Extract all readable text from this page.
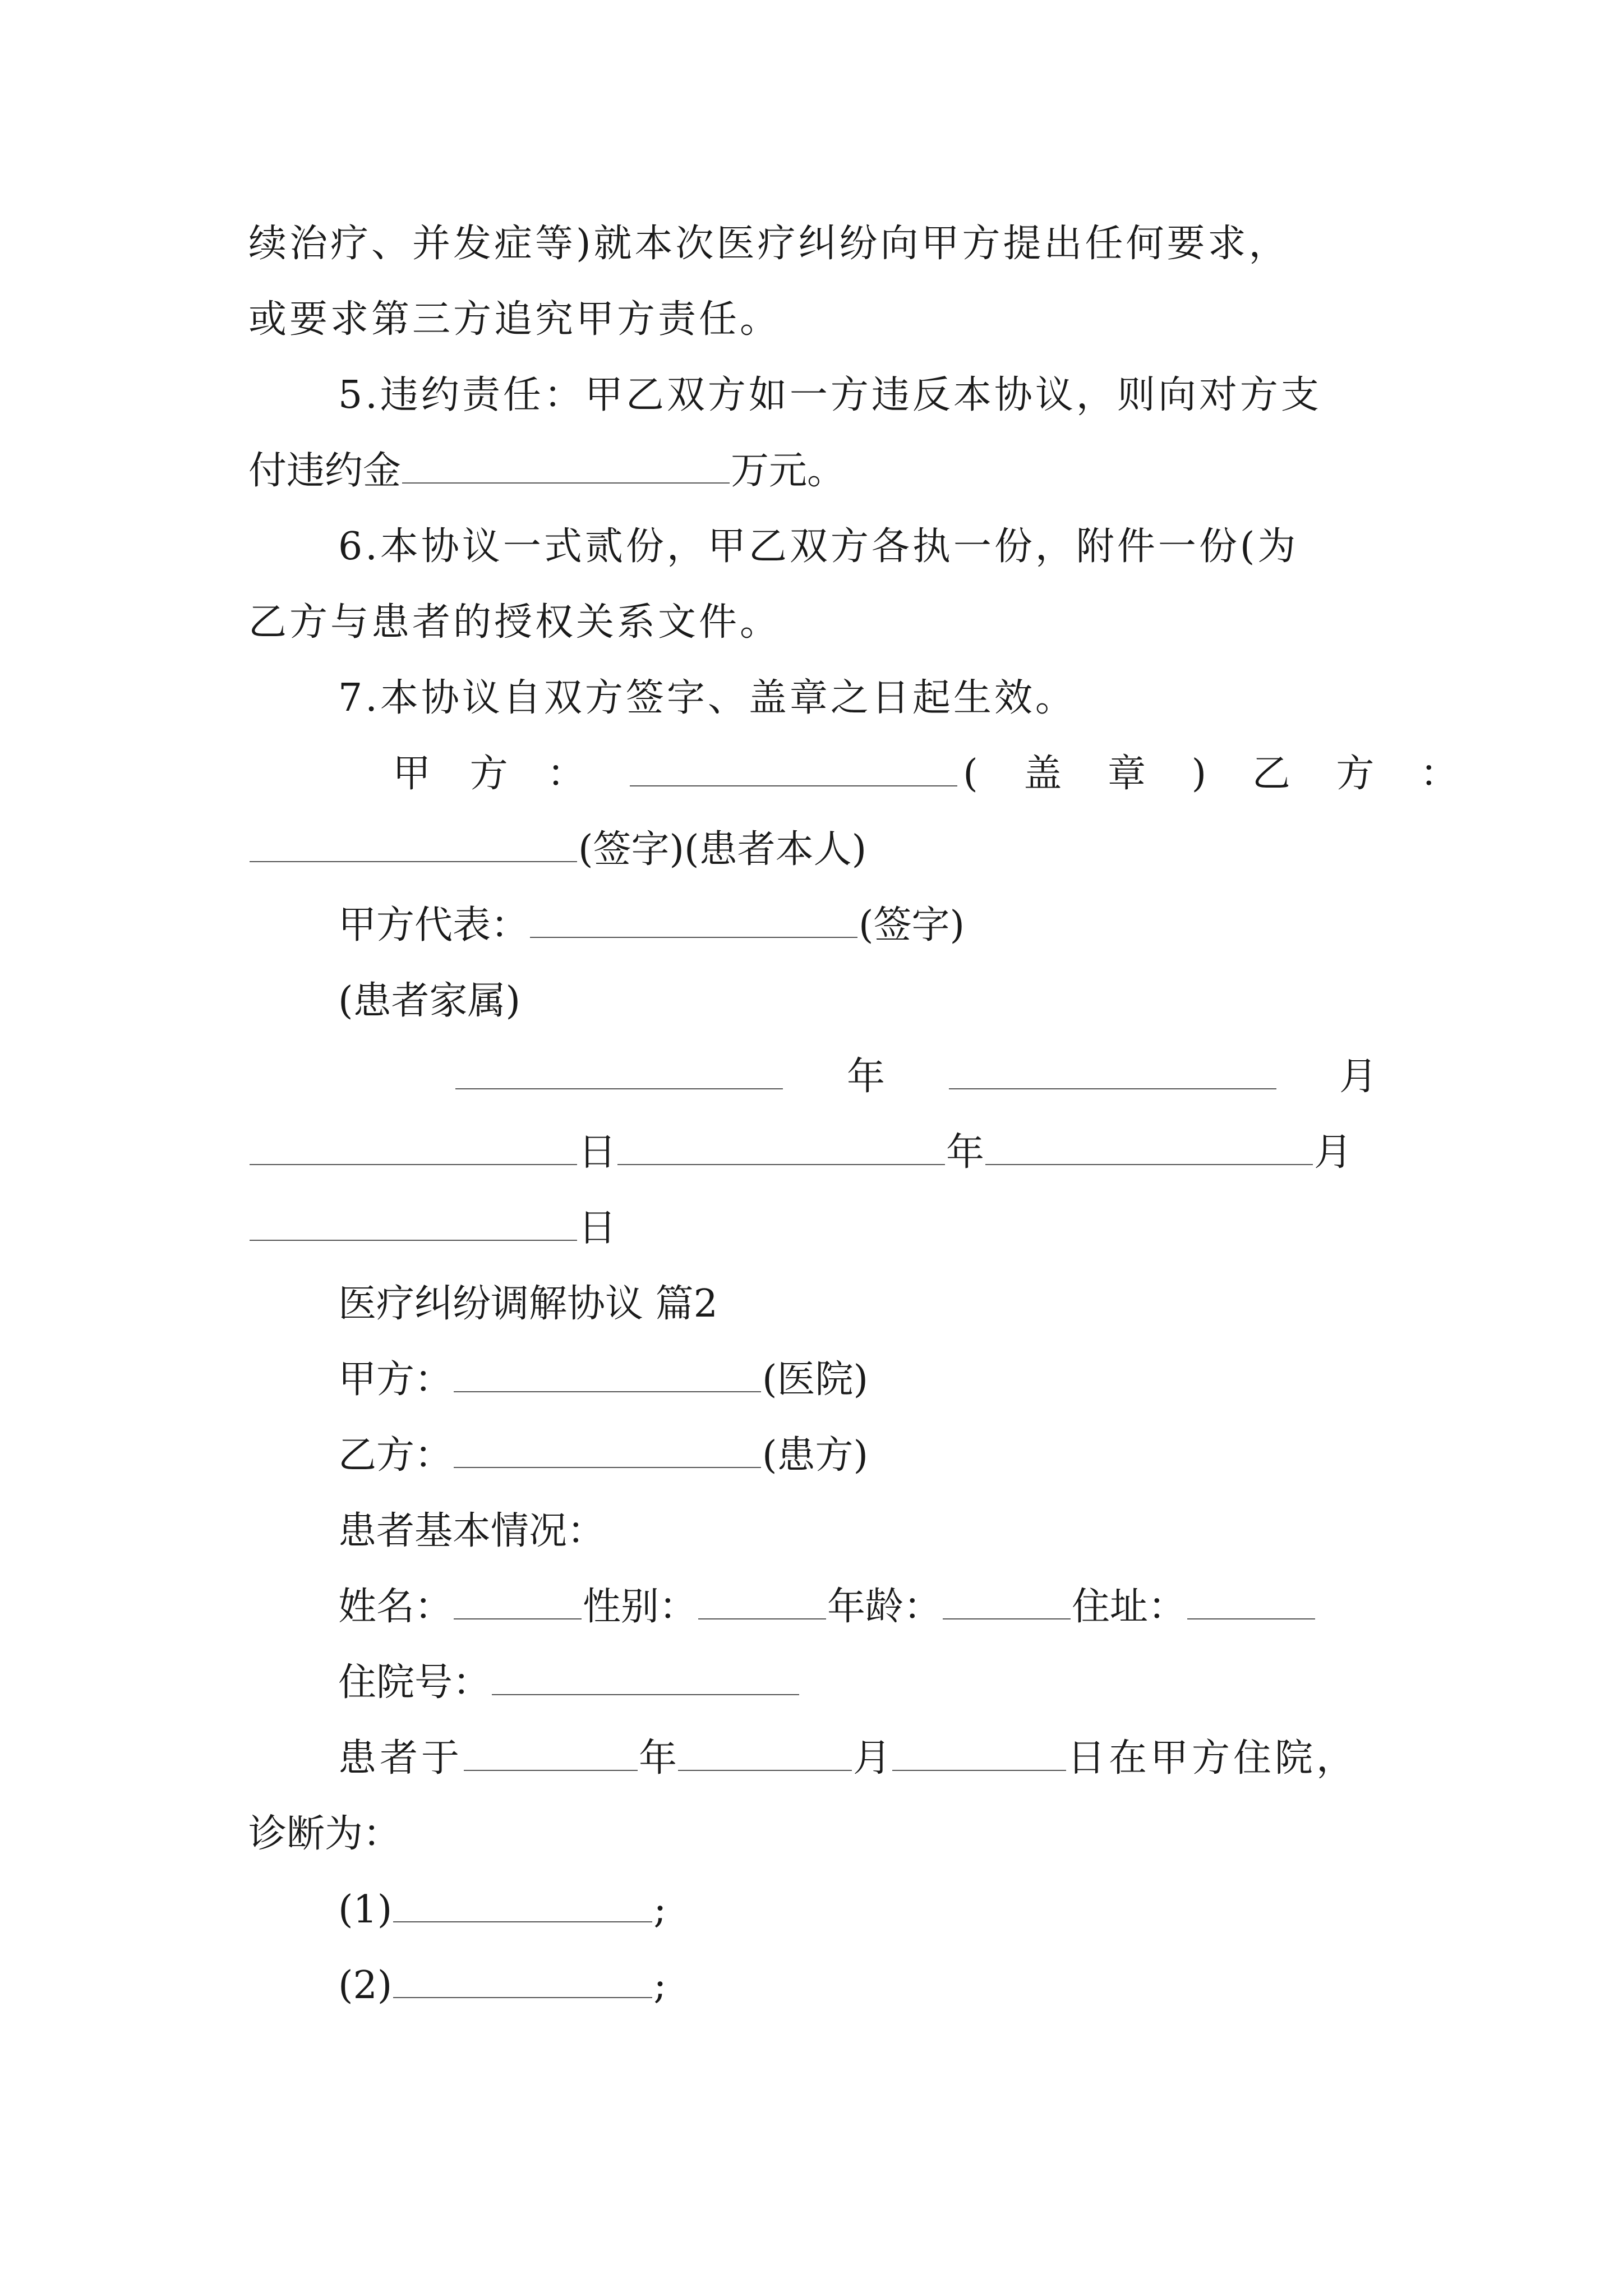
续治疗、并发症等)就本次医疗纠纷向甲方提出任何要求，
或要求第三方追究甲方责任。
5.违约责任：甲乙双方如一方违反本协议，则向对方支
付违约金	万元。
6.本协议一式贰份，甲乙双方各执一份，附件一份(为
乙方与患者的授权关系文件。
7.本协议自双方签字、盖章之日起生效。
甲 方 ：	( 盖 章 ) 乙 方 ：
(签字)(患者本人)
甲方代表：	(签字)
(患者家属)
年	月
日	年	月
日
医疗纠纷调解协议 篇2
甲方：	(医院)
乙方：	(患方)
患者基本情况：
姓名：	性别：	年龄：	住址：
住院号：
患者于	年	月	日在甲方住院，
诊断为：
(1)	;
(2)	;
